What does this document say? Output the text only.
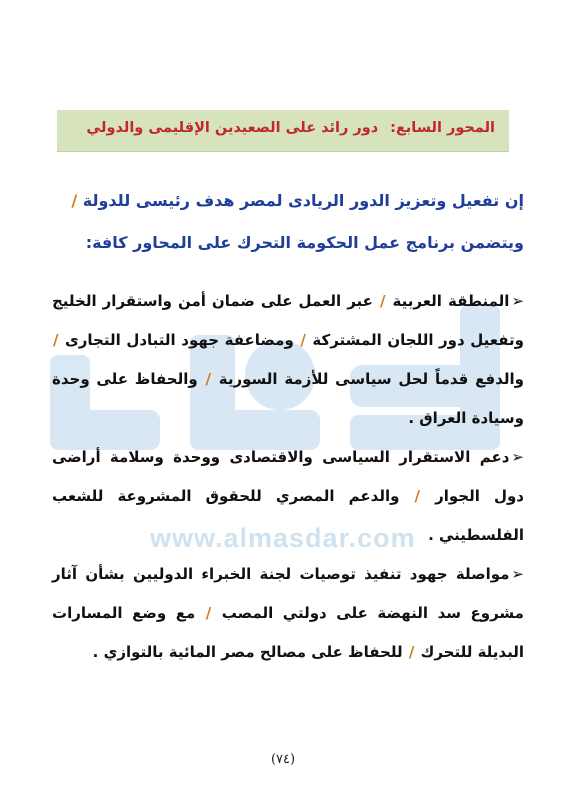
www.almasdar.com
المحور السابع:دور رائد على الصعيدين الإقليمى والدولي
إن تفعيل وتعزيز الدور الريادى لمصر هدف رئيسى للدولة /
ويتضمن برنامج عمل الحكومة التحرك على المحاور كافة:
➢المنطقة العربية / عبر العمل على ضمان أمن واستقرار الخليج وتفعيل دور اللجان المشتركة / ومضاعفة جهود التبادل التجارى / والدفع قدماً لحل سياسى للأزمة السورية / والحفاظ على وحدة وسيادة العراق .
➢دعم الاستقرار السياسى والاقتصادى ووحدة وسلامة أراضى دول الجوار / والدعم المصري للحقوق المشروعة للشعب الفلسطيني .
➢مواصلة جهود تنفيذ توصيات لجنة الخبراء الدوليين بشأن آثار مشروع سد النهضة على دولتي المصب / مع وضع المسارات البديلة للتحرك / للحفاظ على مصالح مصر المائية بالتوازي .
(٧٤)
